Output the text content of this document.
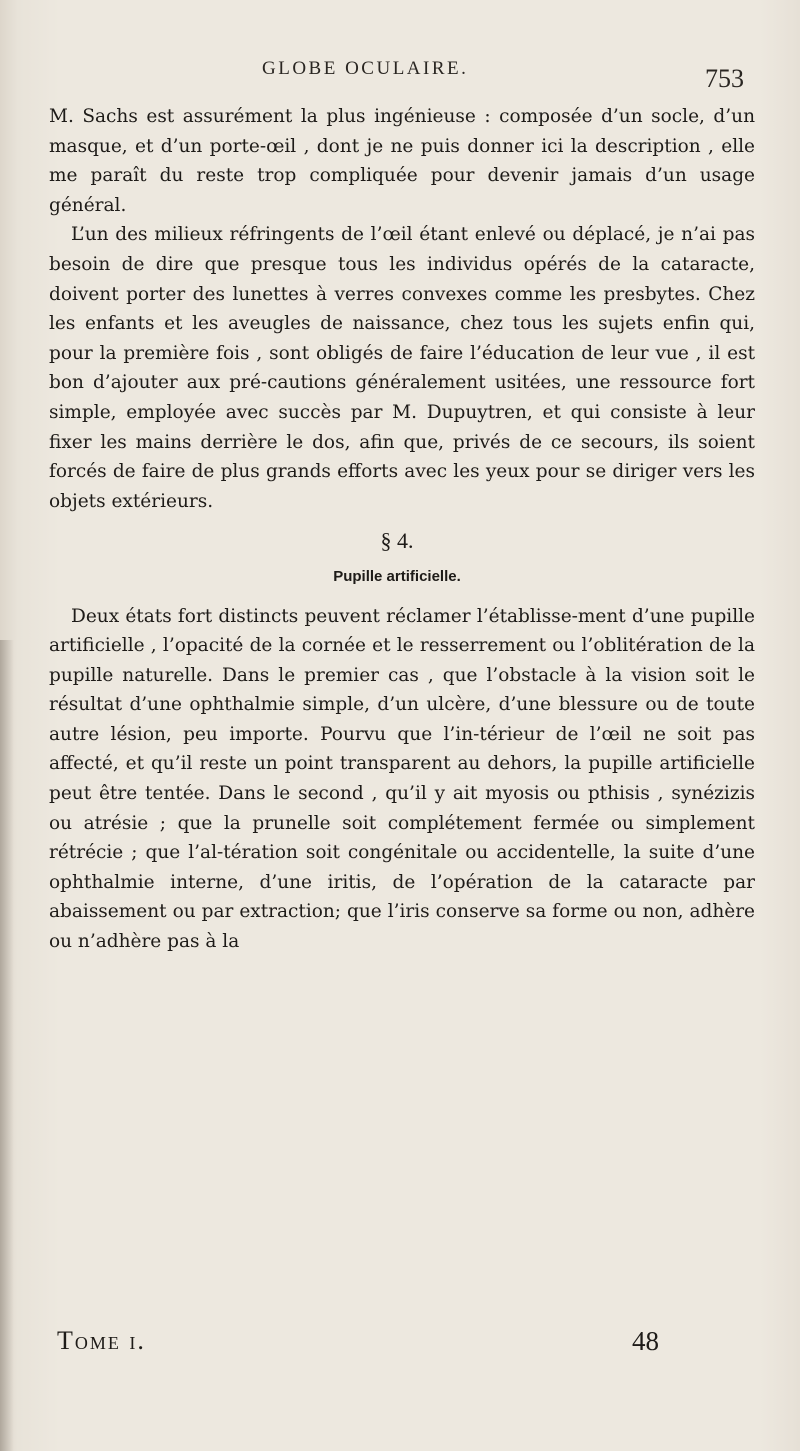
GLOBE OCULAIRE.	753

M. Sachs est assurément la plus ingénieuse : composée d’un socle, d’un masque, et d’un porte-œil , dont je ne puis donner ici la description , elle me paraît du reste trop compliquée pour devenir jamais d’un usage général.

L’un des milieux réfringents de l’œil étant enlevé ou déplacé, je n’ai pas besoin de dire que presque tous les individus opérés de la cataracte, doivent porter des lunettes à verres convexes comme les presbytes. Chez les enfants et les aveugles de naissance, chez tous les sujets enfin qui, pour la première fois , sont obligés de faire l’éducation de leur vue , il est bon d’ajouter aux pré-cautions généralement usitées, une ressource fort simple, employée avec succès par M. Dupuytren, et qui consiste à leur fixer les mains derrière le dos, afin que, privés de ce secours, ils soient forcés de faire de plus grands efforts avec les yeux pour se diriger vers les objets extérieurs.

§ 4.
Pupille artificielle.

Deux états fort distincts peuvent réclamer l’établisse-ment d’une pupille artificielle , l’opacité de la cornée et le resserrement ou l’oblitération de la pupille naturelle. Dans le premier cas , que l’obstacle à la vision soit le résultat d’une ophthalmie simple, d’un ulcère, d’une blessure ou de toute autre lésion, peu importe. Pourvu que l’in-térieur de l’œil ne soit pas affecté, et qu’il reste un point transparent au dehors, la pupille artificielle peut être tentée. Dans le second , qu’il y ait myosis ou pthisis , synézizis ou atrésie ; que la prunelle soit complétement fermée ou simplement rétrécie ; que l’al-tération soit congénitale ou accidentelle, la suite d’une ophthalmie interne, d’une iritis, de l’opération de la cataracte par abaissement ou par extraction; que l’iris conserve sa forme ou non, adhère ou n’adhère pas à la

Tome i.	48
